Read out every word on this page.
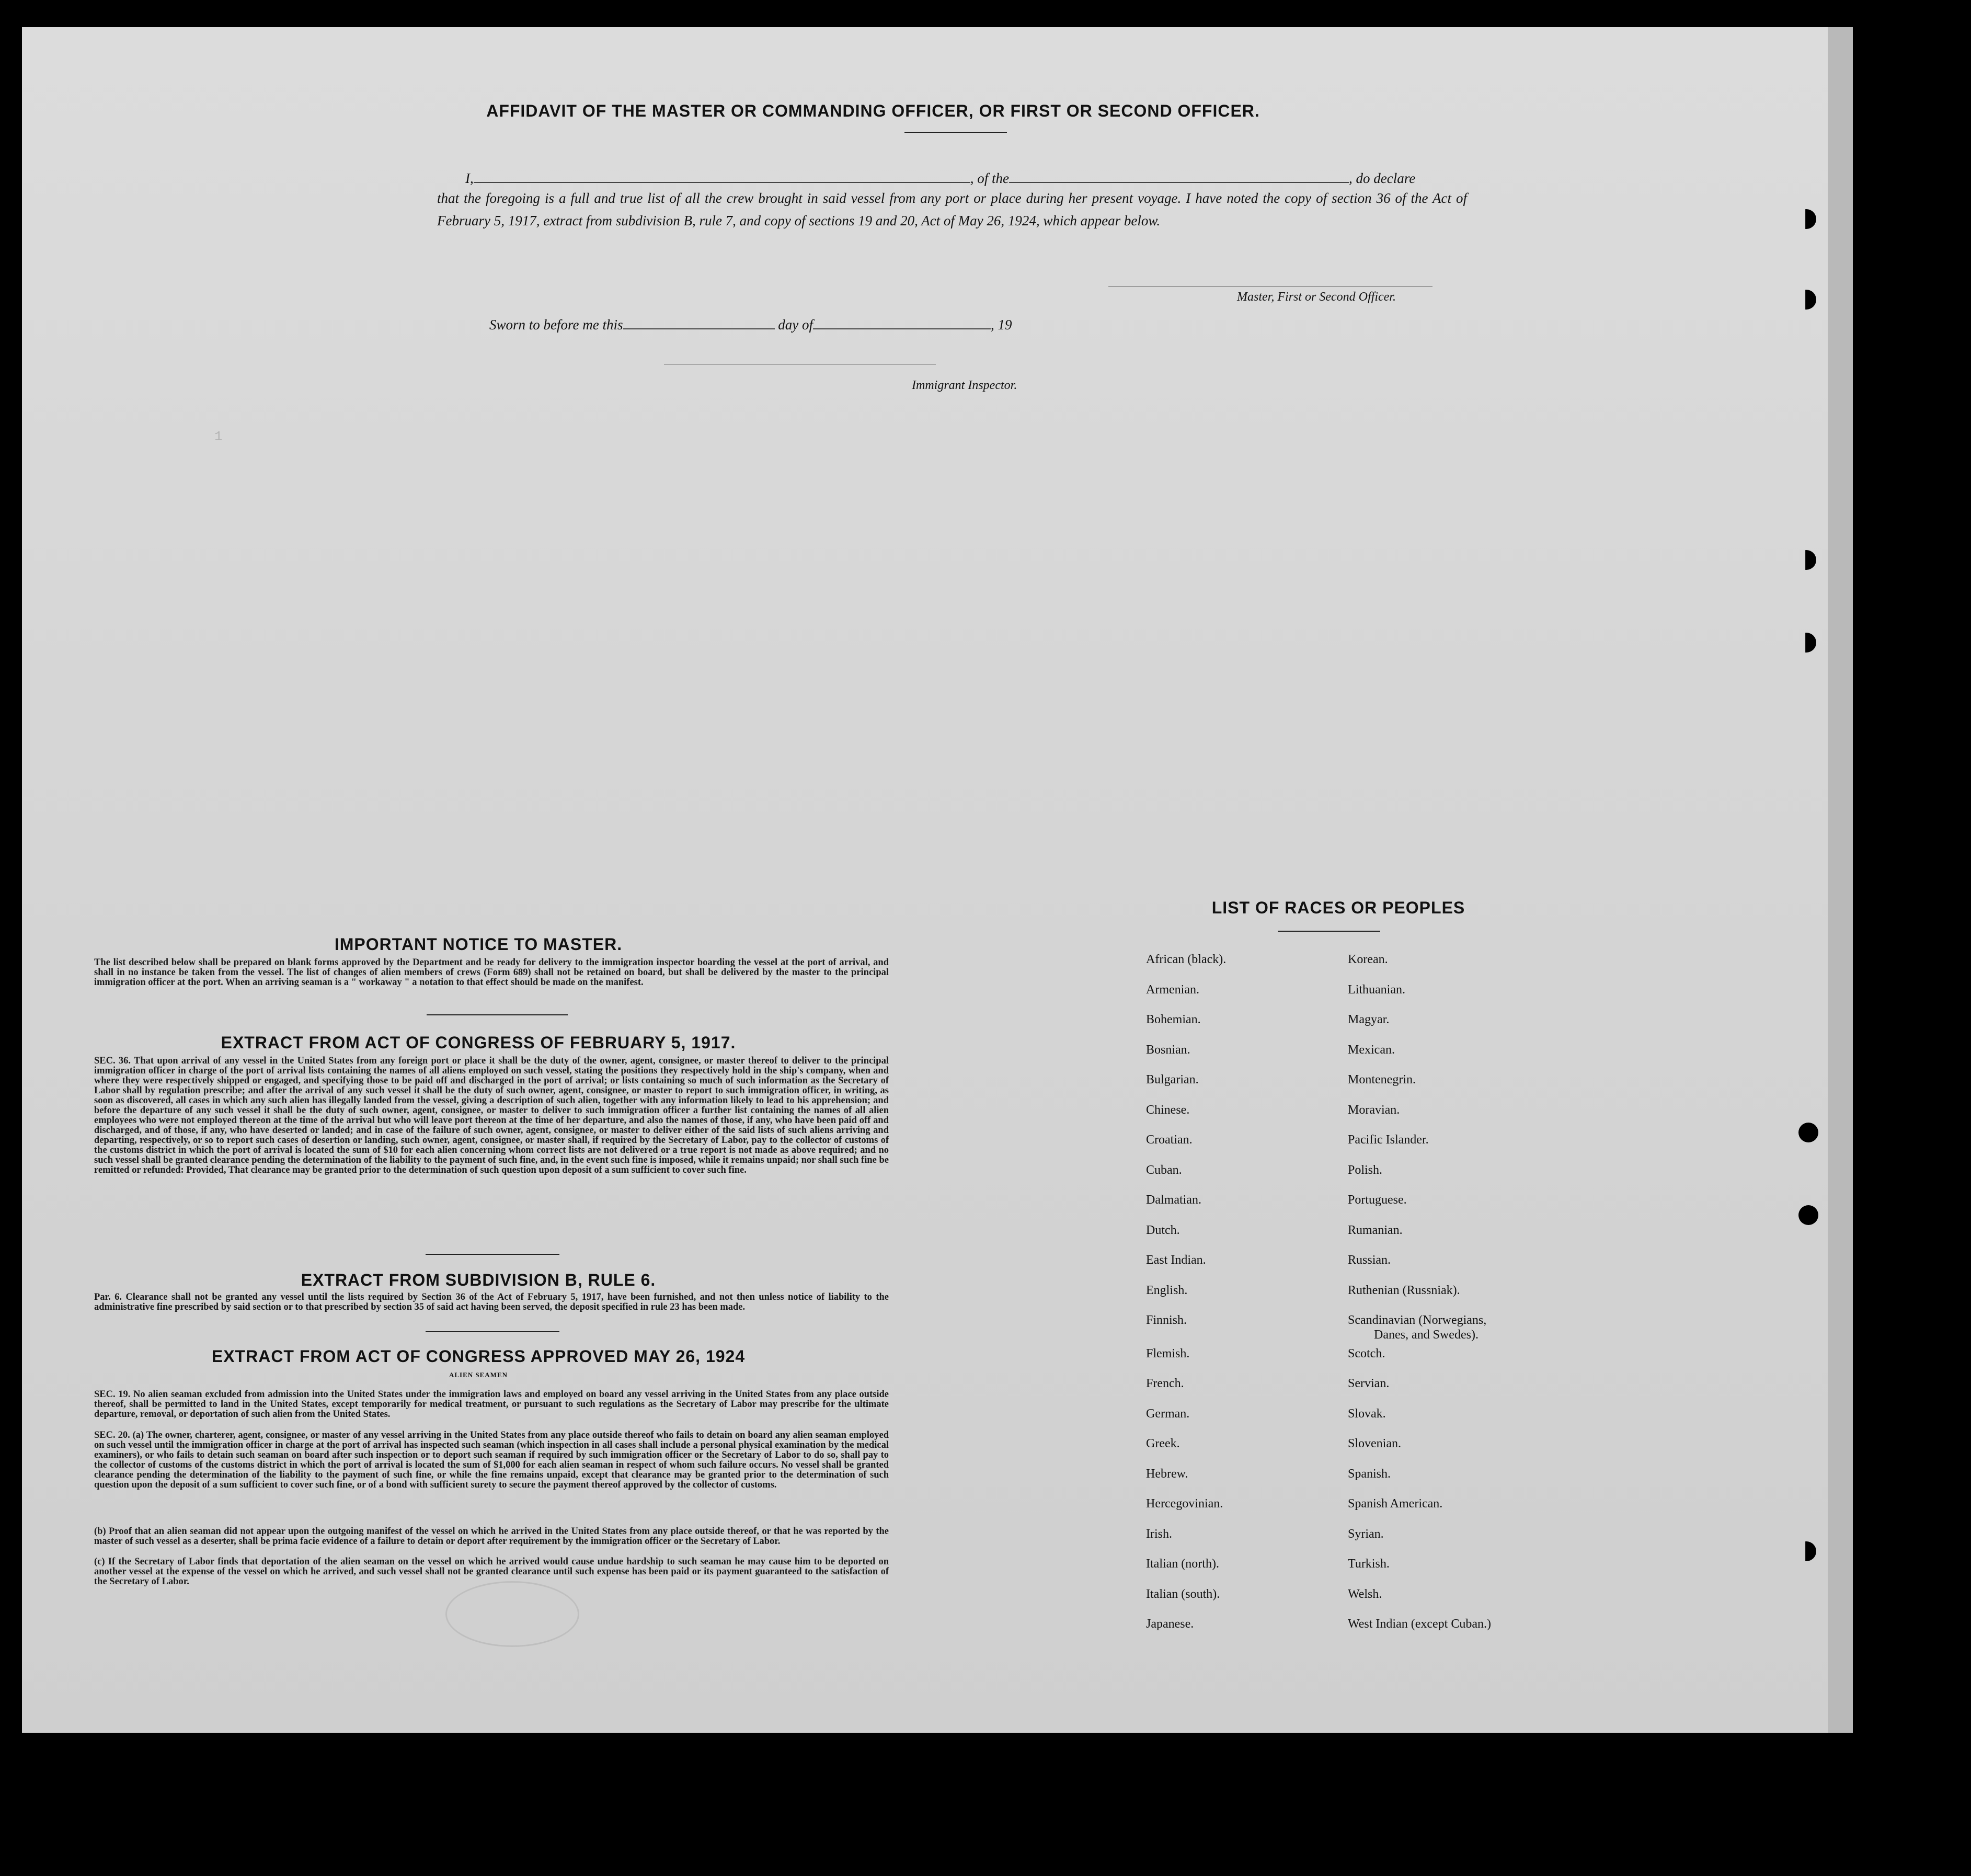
1

AFFIDAVIT OF THE MASTER OR COMMANDING OFFICER, OR FIRST OR SECOND OFFICER.
I,	, of the	, do declare
that the foregoing is a full and true list of all the crew brought in said vessel from any port or place during her present voyage. I have noted the copy of section 36 of the Act of February 5, 1917, extract from subdivision B, rule 7, and copy of sections 19 and 20, Act of May 26, 1924, which appear below.
Master, First or Second Officer.
Sworn to before me this	day of	, 19
Immigrant Inspector.
IMPORTANT NOTICE TO MASTER.
The list described below shall be prepared on blank forms approved by the Department and be ready for delivery to the immigration inspector boarding the vessel at the port of arrival, and shall in no instance be taken from the vessel. The list of changes of alien members of crews (Form 689) shall not be retained on board, but shall be delivered by the master to the principal immigration officer at the port. When an arriving seaman is a " workaway " a notation to that effect should be made on the manifest.
EXTRACT FROM ACT OF CONGRESS OF FEBRUARY 5, 1917.
SEC. 36. That upon arrival of any vessel in the United States from any foreign port or place it shall be the duty of the owner, agent, consignee, or master thereof to deliver to the principal immigration officer in charge of the port of arrival lists containing the names of all aliens employed on such vessel, stating the positions they respectively hold in the ship's company, when and where they were respectively shipped or engaged, and specifying those to be paid off and discharged in the port of arrival; or lists containing so much of such information as the Secretary of Labor shall by regulation prescribe; and after the arrival of any such vessel it shall be the duty of such owner, agent, consignee, or master to report to such immigration officer, in writing, as soon as discovered, all cases in which any such alien has illegally landed from the vessel, giving a description of such alien, together with any information likely to lead to his apprehension; and before the departure of any such vessel it shall be the duty of such owner, agent, consignee, or master to deliver to such immigration officer a further list containing the names of all alien employees who were not employed thereon at the time of the arrival but who will leave port thereon at the time of her departure, and also the names of those, if any, who have been paid off and discharged, and of those, if any, who have deserted or landed; and in case of the failure of such owner, agent, consignee, or master to deliver either of the said lists of such aliens arriving and departing, respectively, or so to report such cases of desertion or landing, such owner, agent, consignee, or master shall, if required by the Secretary of Labor, pay to the collector of customs of the customs district in which the port of arrival is located the sum of $10 for each alien concerning whom correct lists are not delivered or a true report is not made as above required; and no such vessel shall be granted clearance pending the determination of the liability to the payment of such fine, and, in the event such fine is imposed, while it remains unpaid; nor shall such fine be remitted or refunded: Provided, That clearance may be granted prior to the determination of such question upon deposit of a sum sufficient to cover such fine.
EXTRACT FROM SUBDIVISION B, RULE 6.
Par. 6. Clearance shall not be granted any vessel until the lists required by Section 36 of the Act of February 5, 1917, have been furnished, and not then unless notice of liability to the administrative fine prescribed by said section or to that prescribed by section 35 of said act having been served, the deposit specified in rule 23 has been made.
EXTRACT FROM ACT OF CONGRESS APPROVED MAY 26, 1924
ALIEN SEAMEN
SEC. 19. No alien seaman excluded from admission into the United States under the immigration laws and employed on board any vessel arriving in the United States from any place outside thereof, shall be permitted to land in the United States, except temporarily for medical treatment, or pursuant to such regulations as the Secretary of Labor may prescribe for the ultimate departure, removal, or deportation of such alien from the United States.
SEC. 20. (a) The owner, charterer, agent, consignee, or master of any vessel arriving in the United States from any place outside thereof who fails to detain on board any alien seaman employed on such vessel until the immigration officer in charge at the port of arrival has inspected such seaman (which inspection in all cases shall include a personal physical examination by the medical examiners), or who fails to detain such seaman on board after such inspection or to deport such seaman if required by such immigration officer or the Secretary of Labor to do so, shall pay to the collector of customs of the customs district in which the port of arrival is located the sum of $1,000 for each alien seaman in respect of whom such failure occurs. No vessel shall be granted clearance pending the determination of the liability to the payment of such fine, or while the fine remains unpaid, except that clearance may be granted prior to the determination of such question upon the deposit of a sum sufficient to cover such fine, or of a bond with sufficient surety to secure the payment thereof approved by the collector of customs.
(b) Proof that an alien seaman did not appear upon the outgoing manifest of the vessel on which he arrived in the United States from any place outside thereof, or that he was reported by the master of such vessel as a deserter, shall be prima facie evidence of a failure to detain or deport after requirement by the immigration officer or the Secretary of Labor.
(c) If the Secretary of Labor finds that deportation of the alien seaman on the vessel on which he arrived would cause undue hardship to such seaman he may cause him to be deported on another vessel at the expense of the vessel on which he arrived, and such vessel shall not be granted clearance until such expense has been paid or its payment guaranteed to the satisfaction of the Secretary of Labor.
LIST OF RACES OR PEOPLES
African (black).
Armenian.
Bohemian.
Bosnian.
Bulgarian.
Chinese.
Croatian.
Cuban.
Dalmatian.
Dutch.
East Indian.
English.
Finnish.
Flemish.
French.
German.
Greek.
Hebrew.
Hercegovinian.
Irish.
Italian (north).
Italian (south).
Japanese.
Korean.
Lithuanian.
Magyar.
Mexican.
Montenegrin.
Moravian.
Pacific Islander.
Polish.
Portuguese.
Rumanian.
Russian.
Ruthenian (Russniak).
Scandinavian (Norwegians,
Danes, and Swedes).
Scotch.
Servian.
Slovak.
Slovenian.
Spanish.
Spanish American.
Syrian.
Turkish.
Welsh.
West Indian (except Cuban.)
